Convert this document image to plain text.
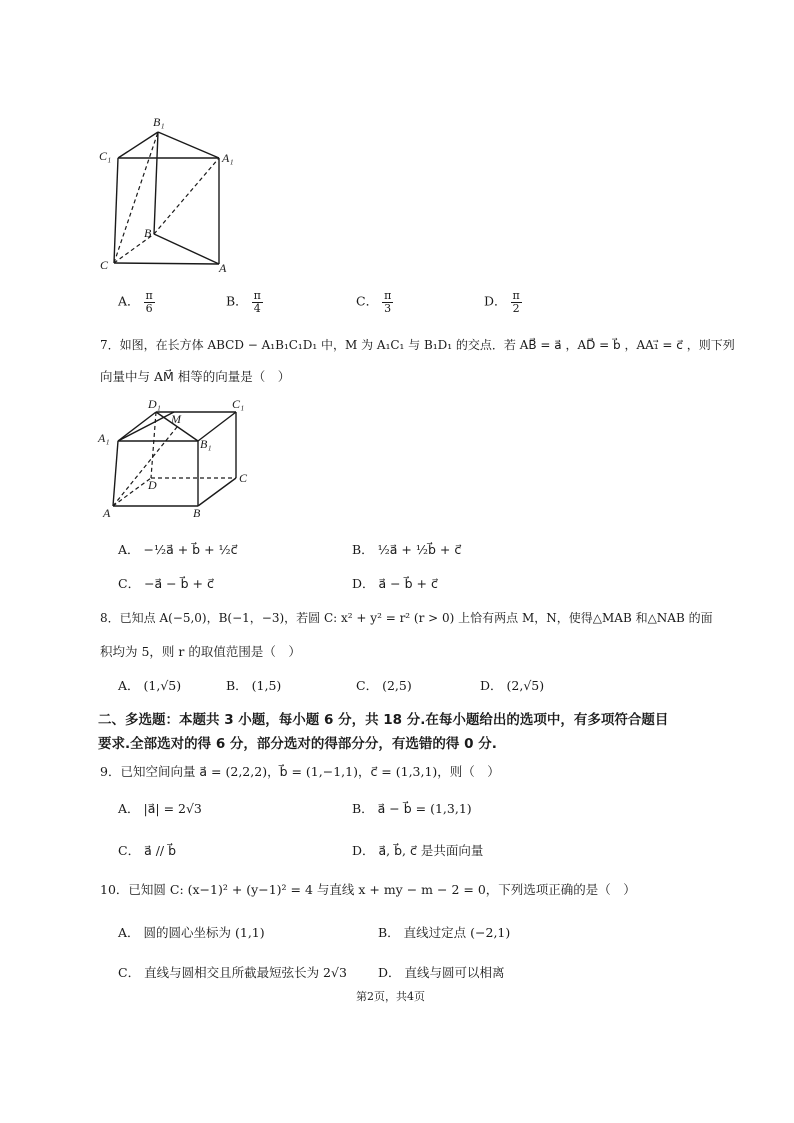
B₁
C₁	A₁
B
C	A
A． $\frac{\pi}{6}$	B． $\frac{\pi}{4}$	C． $\frac{\pi}{3}$	D． $\frac{\pi}{2}$
7．如图，在长方体 ABCD − A₁B₁C₁D₁ 中，M 为 A₁C₁ 与 B₁D₁ 的交点．若 AB⃗ = a⃗ ，AD⃗ = b⃗ ，AA₁⃗ = c⃗ ，则下列
向量中与 AM⃗ 相等的向量是（　）
D₁	C₁
M
A₁	B₁
D	C
A	B
A． −½a⃗ + b⃗ + ½c⃗	B． ½a⃗ + ½b⃗ + c⃗
C． −a⃗ − b⃗ + c⃗	D． a⃗ − b⃗ + c⃗
8．已知点 A(−5,0)，B(−1，−3)，若圆 C: x² + y² = r² (r > 0) 上恰有两点 M，N，使得△MAB 和△NAB 的面
积均为 5，则 r 的取值范围是（　）
A． (1,√5)	B． (1,5)	C． (2,5)	D． (2,√5)
二、多选题：本题共 3 小题，每小题 6 分，共 18 分.在每小题给出的选项中，有多项符合题目
要求.全部选对的得 6 分，部分选对的得部分分，有选错的得 0 分.
9．已知空间向量 a⃗ = (2,2,2)，b⃗ = (1,−1,1)，c⃗ = (1,3,1)，则（　）
A． |a⃗| = 2√3	B． a⃗ − b⃗ = (1,3,1)
C． a⃗ // b⃗	D． a⃗, b⃗, c⃗ 是共面向量
10．已知圆 C: (x−1)² + (y−1)² = 4 与直线 x + my − m − 2 = 0，下列选项正确的是（　）
A． 圆的圆心坐标为 (1,1)	B． 直线过定点 (−2,1)
C． 直线与圆相交且所截最短弦长为 2√3 D． 直线与圆可以相离
第2页，共4页
